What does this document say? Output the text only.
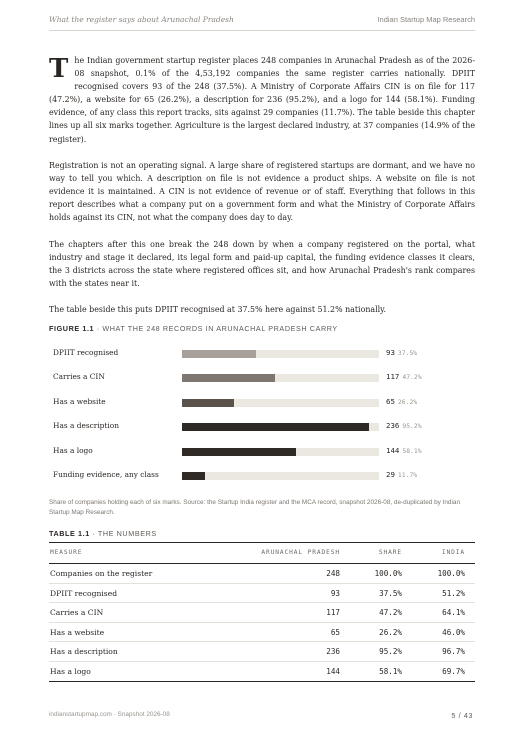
What the register says about Arunachal Pradesh	Indian Startup Map Research

The Indian government startup register places 248 companies in Arunachal Pradesh as of the 2026-08 snapshot, 0.1% of the 4,53,192 companies the same register carries nationally. DPIIT recognised covers 93 of the 248 (37.5%). A Ministry of Corporate Affairs CIN is on file for 117 (47.2%), a website for 65 (26.2%), a description for 236 (95.2%), and a logo for 144 (58.1%). Funding evidence, of any class this report tracks, sits against 29 companies (11.7%). The table beside this chapter lines up all six marks together. Agriculture is the largest declared industry, at 37 companies (14.9% of the register).

Registration is not an operating signal. A large share of registered startups are dormant, and we have no way to tell you which. A description on file is not evidence a product ships. A website on file is not evidence it is maintained. A CIN is not evidence of revenue or of staff. Everything that follows in this report describes what a company put on a government form and what the Ministry of Corporate Affairs holds against its CIN, not what the company does day to day.

The chapters after this one break the 248 down by when a company registered on the portal, what industry and stage it declared, its legal form and paid-up capital, the funding evidence classes it clears, the 3 districts across the state where registered offices sit, and how Arunachal Pradesh's rank compares with the states near it.

The table beside this puts DPIIT recognised at 37.5% here against 51.2% nationally.

FIGURE 1.1 · WHAT THE 248 RECORDS IN ARUNACHAL PRADESH CARRY
DPIIT recognised	93 37.5%
Carries a CIN	117 47.2%
Has a website	65 26.2%
Has a description	236 95.2%
Has a logo	144 58.1%
Funding evidence, any class	29 11.7%
Share of companies holding each of six marks. Source: the Startup India register and the MCA record, snapshot 2026-08, de-duplicated by Indian Startup Map Research.
TABLE 1.1 · THE NUMBERS
MEASURE	ARUNACHAL PRADESH	SHARE	INDIA
Companies on the register	248	100.0%	100.0%
DPIIT recognised	93	37.5%	51.2%
Carries a CIN	117	47.2%	64.1%
Has a website	65	26.2%	46.0%
Has a description	236	95.2%	96.7%
Has a logo	144	58.1%	69.7%
indianstartupmap.com · Snapshot 2026-08	5 / 43
